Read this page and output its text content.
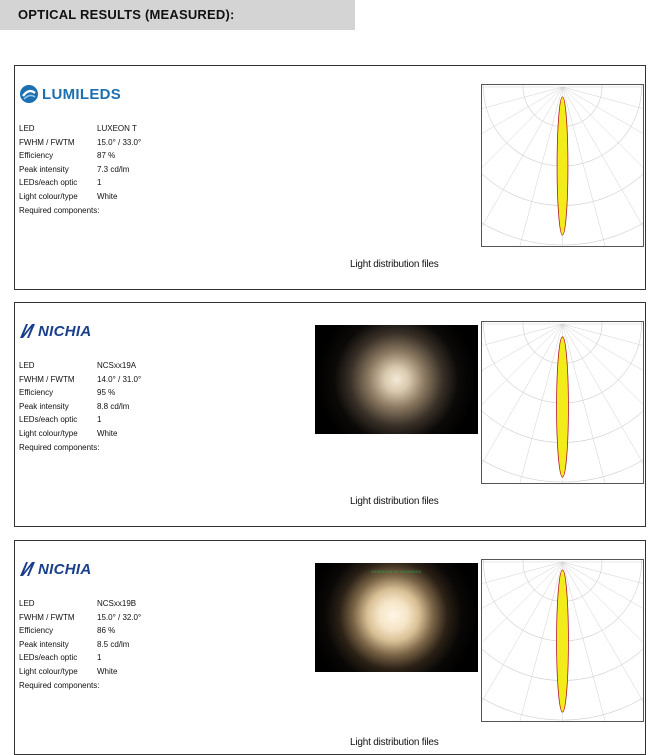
OPTICAL RESULTS (MEASURED):
LUMILEDS
LED	LUXEON T
FWHM / FWTM	15.0° / 33.0°
Efficiency	87 %
Peak intensity	7.3 cd/lm
LEDs/each optic	1
Light colour/type	White
Required components:
Light distribution files
NICHIA
LED	NCSxx19A
FWHM / FWTM	14.0° / 31.0°
Efficiency	95 %
Peak intensity	8.8 cd/lm
LEDs/each optic	1
Light colour/type	White
Required components:
Light distribution files
NICHIA
LED	NCSxx19B
FWHM / FWTM	15.0° / 32.0°
Efficiency	86 %
Peak intensity	8.5 cd/lm
LEDs/each optic	1
Light colour/type	White
Required components:
XXXXXXXX XX XXXXXXXX
Light distribution files
